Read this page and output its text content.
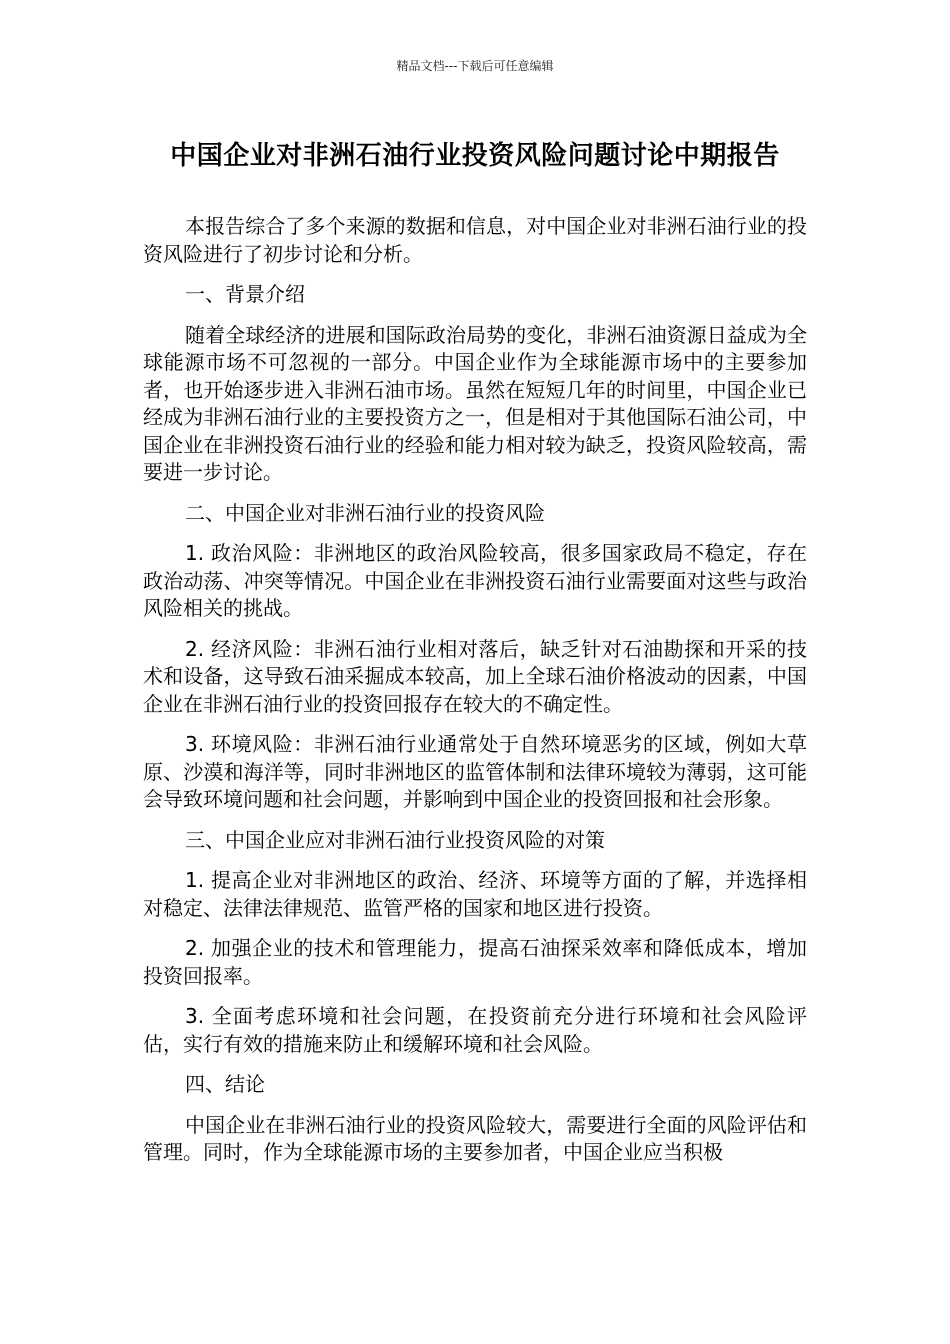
精品文档---下载后可任意编辑
中国企业对非洲石油行业投资风险问题讨论中期报告

本报告综合了多个来源的数据和信息，对中国企业对非洲石油行业的投资风险进行了初步讨论和分析。

一、背景介绍

随着全球经济的进展和国际政治局势的变化，非洲石油资源日益成为全球能源市场不可忽视的一部分。中国企业作为全球能源市场中的主要参加者，也开始逐步进入非洲石油市场。虽然在短短几年的时间里，中国企业已经成为非洲石油行业的主要投资方之一，但是相对于其他国际石油公司，中国企业在非洲投资石油行业的经验和能力相对较为缺乏，投资风险较高，需要进一步讨论。

二、中国企业对非洲石油行业的投资风险

1. 政治风险：非洲地区的政治风险较高，很多国家政局不稳定，存在政治动荡、冲突等情况。中国企业在非洲投资石油行业需要面对这些与政治风险相关的挑战。

2. 经济风险：非洲石油行业相对落后，缺乏针对石油勘探和开采的技术和设备，这导致石油采掘成本较高，加上全球石油价格波动的因素，中国企业在非洲石油行业的投资回报存在较大的不确定性。

3. 环境风险：非洲石油行业通常处于自然环境恶劣的区域，例如大草原、沙漠和海洋等，同时非洲地区的监管体制和法律环境较为薄弱，这可能会导致环境问题和社会问题，并影响到中国企业的投资回报和社会形象。

三、中国企业应对非洲石油行业投资风险的对策

1. 提高企业对非洲地区的政治、经济、环境等方面的了解，并选择相对稳定、法律法律规范、监管严格的国家和地区进行投资。

2. 加强企业的技术和管理能力，提高石油探采效率和降低成本，增加投资回报率。

3. 全面考虑环境和社会问题，在投资前充分进行环境和社会风险评估，实行有效的措施来防止和缓解环境和社会风险。

四、结论

中国企业在非洲石油行业的投资风险较大，需要进行全面的风险评估和管理。同时，作为全球能源市场的主要参加者，中国企业应当积极
